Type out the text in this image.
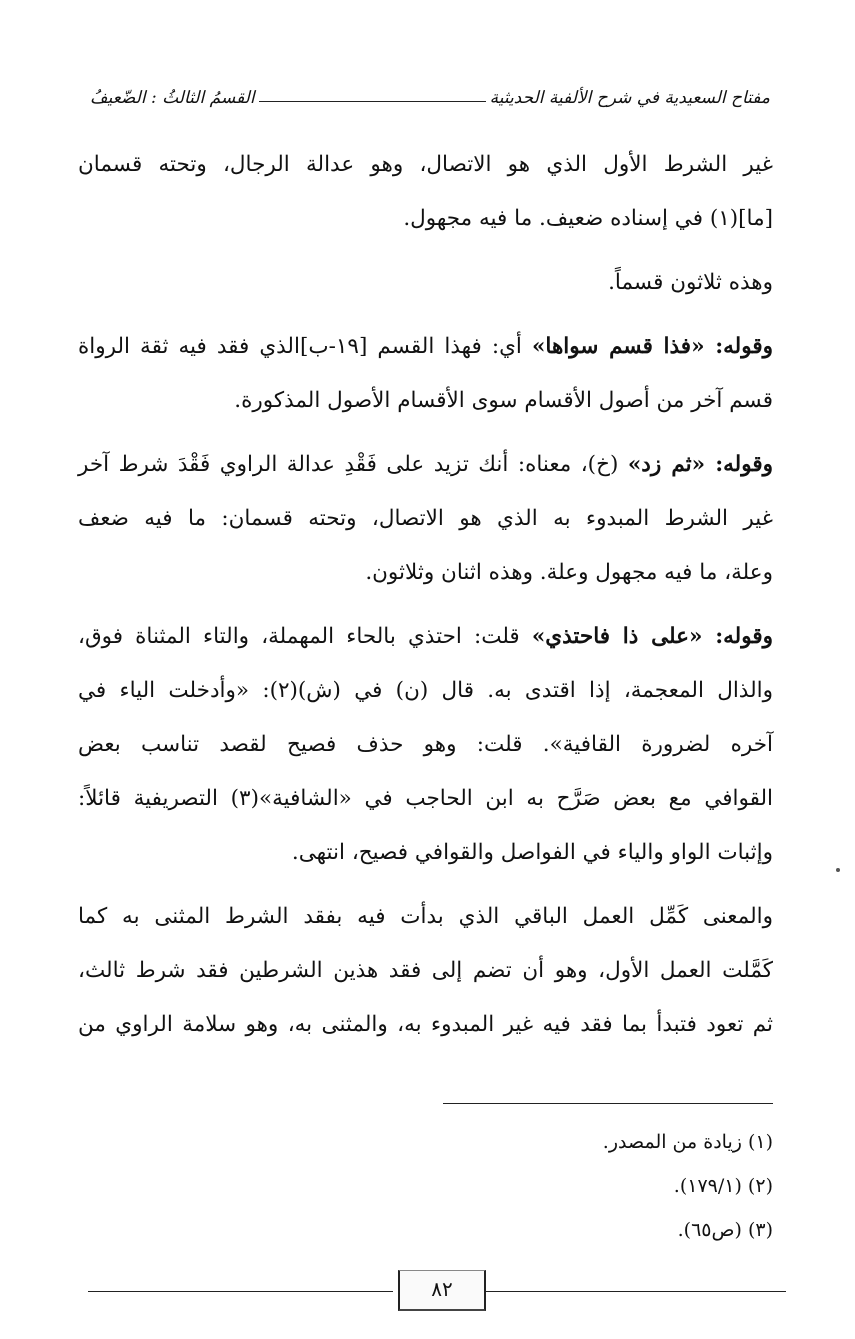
مفتاح السعيدية في شرح الألفية الحديثية
القسمُ الثالثُ : الضّعيفُ
غير الشرط الأول الذي هو الاتصال، وهو عدالة الرجال، وتحته قسمان
[ما](١) في إسناده ضعيف. ما فيه مجهول.
وهذه ثلاثون قسماً.
وقوله: «فذا قسم سواها» أي: فهذا القسم [١٩-ب]الذي فقد فيه ثقة الرواة
قسم آخر من أصول الأقسام سوى الأقسام الأصول المذكورة.
وقوله: «ثم زد» (خ)، معناه: أنك تزيد على فَقْدِ عدالة الراوي فَقْدَ شرط آخر
غير الشرط المبدوء به الذي هو الاتصال، وتحته قسمان: ما فيه ضعف
وعلة، ما فيه مجهول وعلة. وهذه اثنان وثلاثون.
وقوله: «على ذا فاحتذي» قلت: احتذي بالحاء المهملة، والتاء المثناة فوق،
والذال المعجمة، إذا اقتدى به. قال (ن) في (ش)(٢): «وأدخلت الياء في
آخره لضرورة القافية». قلت: وهو حذف فصيح لقصد تناسب بعض
القوافي مع بعض صَرَّح به ابن الحاجب في «الشافية»(٣) التصريفية قائلاً:
وإثبات الواو والياء في الفواصل والقوافي فصيح، انتهى.
والمعنى كَمِّل العمل الباقي الذي بدأت فيه بفقد الشرط المثنى به كما
كَمَّلت العمل الأول، وهو أن تضم إلى فقد هذين الشرطين فقد شرط ثالث،
ثم تعود فتبدأ بما فقد فيه غير المبدوء به، والمثنى به، وهو سلامة الراوي من
(١) زيادة من المصدر.
(٢) (١٧٩/١).
(٣) (ص٦٥).
٨٢
